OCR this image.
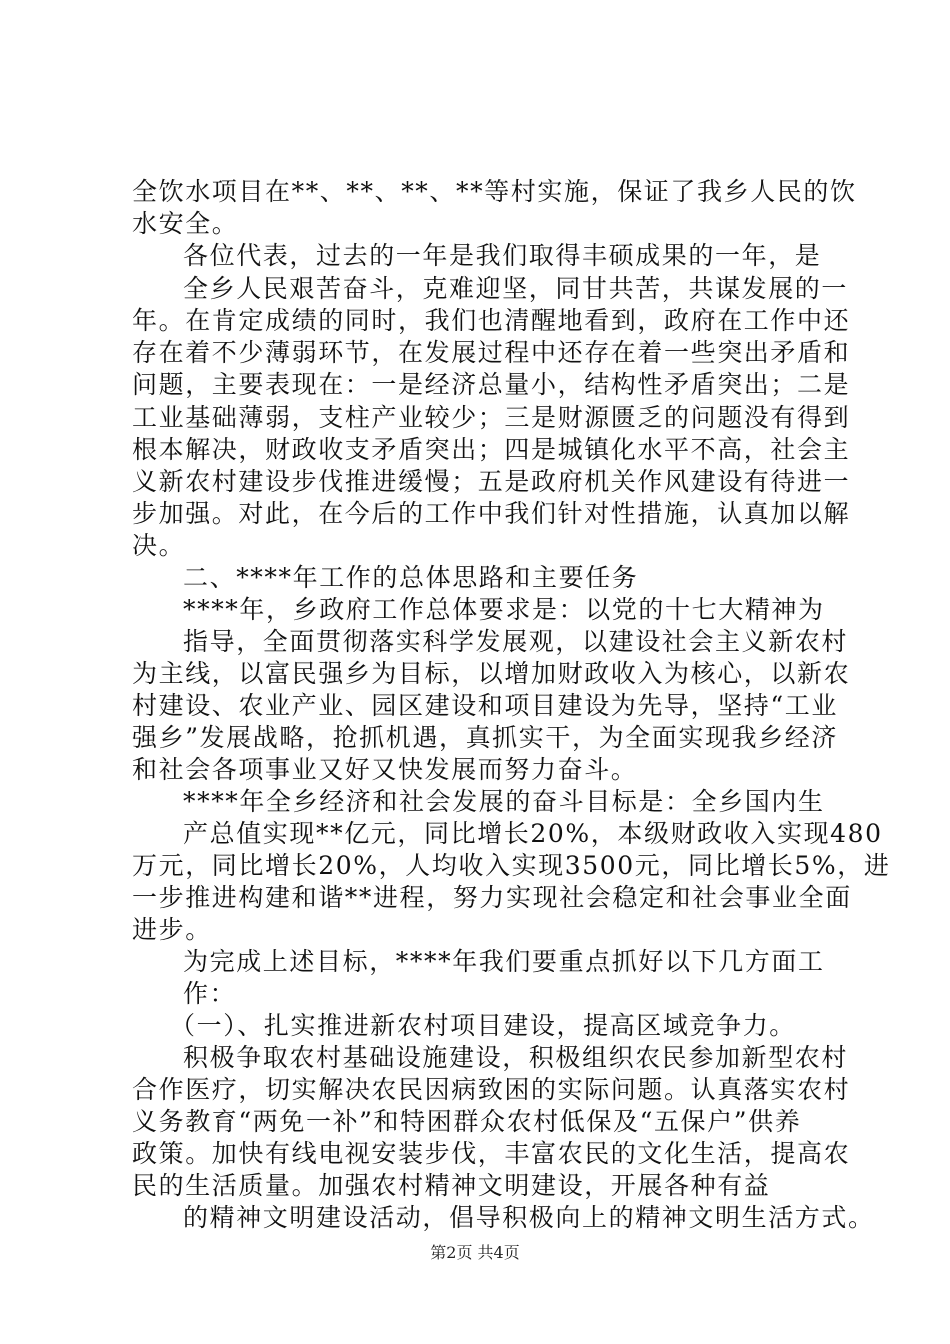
全饮水项目在**、**、**、**等村实施，保证了我乡人民的饮
水安全。
各位代表，过去的一年是我们取得丰硕成果的一年，是
全乡人民艰苦奋斗，克难迎坚，同甘共苦，共谋发展的一
年。在肯定成绩的同时，我们也清醒地看到，政府在工作中还
存在着不少薄弱环节，在发展过程中还存在着一些突出矛盾和
问题，主要表现在：一是经济总量小，结构性矛盾突出；二是
工业基础薄弱，支柱产业较少；三是财源匮乏的问题没有得到
根本解决，财政收支矛盾突出；四是城镇化水平不高，社会主
义新农村建设步伐推进缓慢；五是政府机关作风建设有待进一
步加强。对此，在今后的工作中我们针对性措施，认真加以解
决。
二、****年工作的总体思路和主要任务
****年，乡政府工作总体要求是：以党的十七大精神为
指导，全面贯彻落实科学发展观，以建设社会主义新农村
为主线，以富民强乡为目标，以增加财政收入为核心，以新农
村建设、农业产业、园区建设和项目建设为先导，坚持“工业
强乡”发展战略，抢抓机遇，真抓实干，为全面实现我乡经济
和社会各项事业又好又快发展而努力奋斗。
****年全乡经济和社会发展的奋斗目标是：全乡国内生
产总值实现**亿元，同比增长20%，本级财政收入实现480
万元，同比增长20%，人均收入实现3500元，同比增长5%，进
一步推进构建和谐**进程，努力实现社会稳定和社会事业全面
进步。
为完成上述目标，****年我们要重点抓好以下几方面工
作：
（一）、扎实推进新农村项目建设，提高区域竞争力。
积极争取农村基础设施建设，积极组织农民参加新型农村
合作医疗，切实解决农民因病致困的实际问题。认真落实农村
义务教育“两免一补”和特困群众农村低保及“五保户”供养
政策。加快有线电视安装步伐，丰富农民的文化生活，提高农
民的生活质量。加强农村精神文明建设，开展各种有益
的精神文明建设活动，倡导积极向上的精神文明生活方式。
第2页 共4页
